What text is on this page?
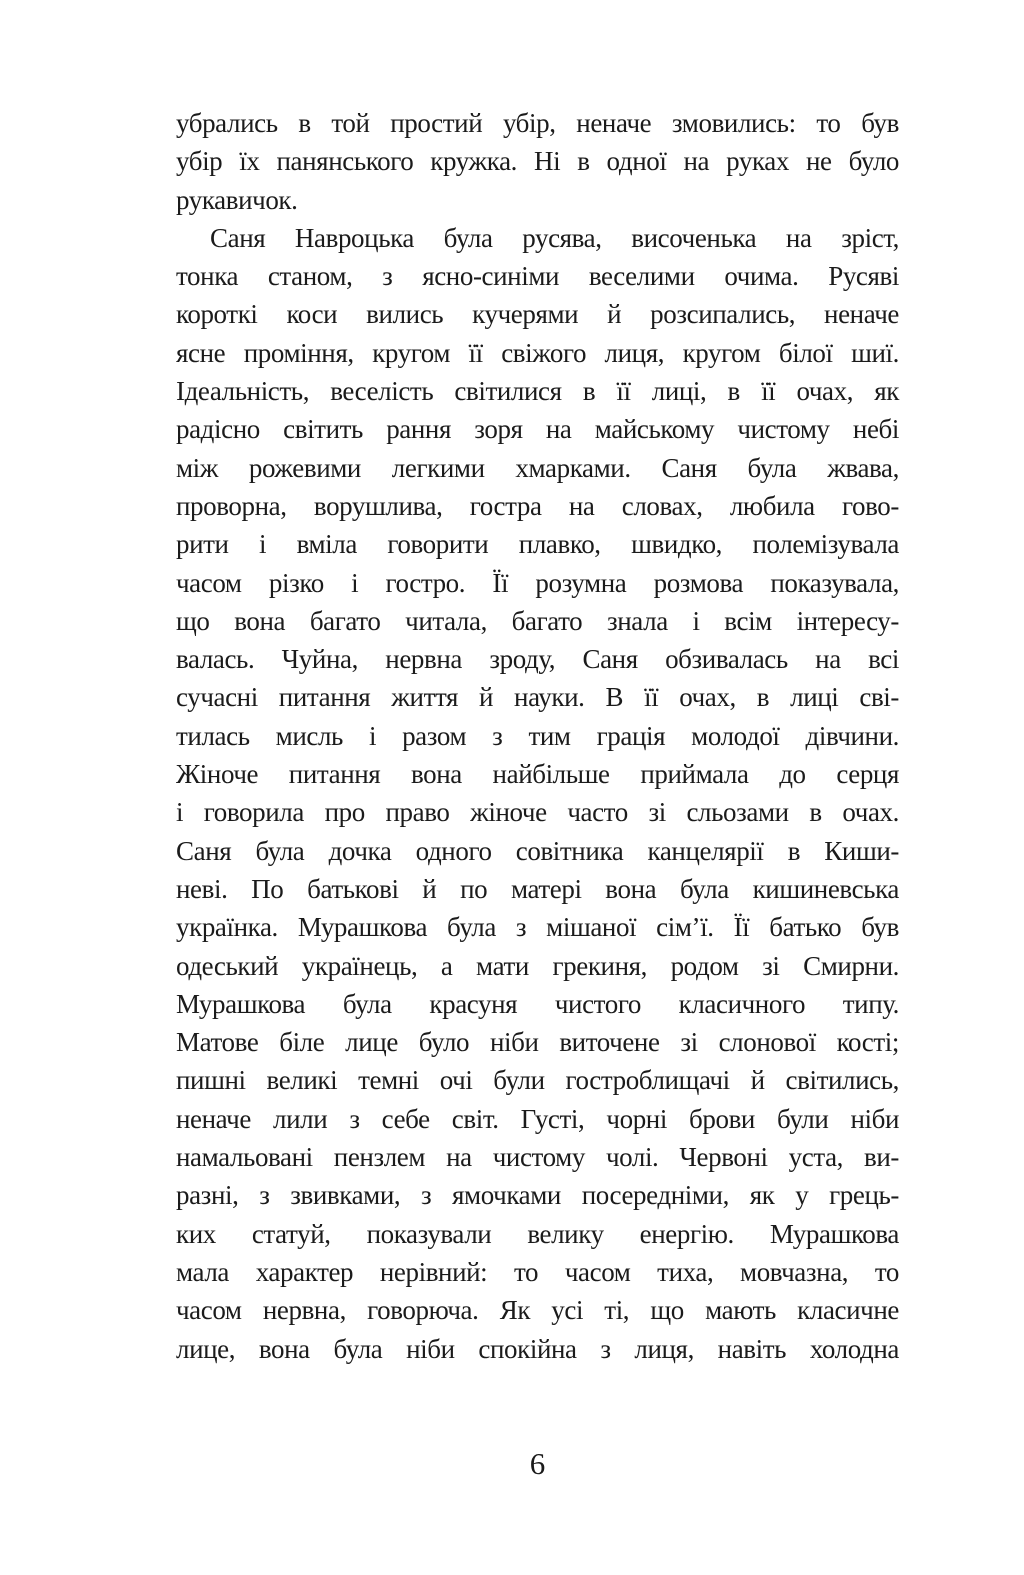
убрались в той простий убір, неначе змовились: то був
убір їх панянського кружка. Ні в одної на руках не було
рукавичок.
Саня Навроцька була русява, височенька на зріст,
тонка станом, з ясно-синіми веселими очима. Русяві
короткі коси вились кучерями й розсипались, неначе
ясне проміння, кругом її свіжого лиця, кругом білої шиї.
Ідеальність, веселість світилися в її лиці, в її очах, як
радісно світить рання зоря на майському чистому небі
між рожевими легкими хмарками. Саня була жвава,
проворна, ворушлива, гостра на словах, любила гово-
рити і вміла говорити плавко, швидко, полемізувала
часом різко і гостро. Її розумна розмова показувала,
що вона багато читала, багато знала і всім інтересу-
валась. Чуйна, нервна зроду, Саня обзивалась на всі
сучасні питання життя й науки. В її очах, в лиці сві-
тилась мисль і разом з тим грація молодої дівчини.
Жіноче питання вона найбільше приймала до серця
і говорила про право жіноче часто зі сльозами в очах.
Саня була дочка одного совітника канцелярії в Киши-
неві. По батькові й по матері вона була кишиневська
українка. Мурашкова була з мішаної сім’ї. Її батько був
одеський українець, а мати грекиня, родом зі Смирни.
Мурашкова була красуня чистого класичного типу.
Матове біле лице було ніби виточене зі слонової кості;
пишні великі темні очі були гостроблищачі й світились,
неначе лили з себе світ. Густі, чорні брови були ніби
намальовані пензлем на чистому чолі. Червоні уста, ви-
разні, з звивками, з ямочками посередніми, як у грець-
ких статуй, показували велику енергію. Мурашкова
мала характер нерівний: то часом тиха, мовчазна, то
часом нервна, говорюча. Як усі ті, що мають класичне
лице, вона була ніби спокійна з лиця, навіть холодна
6
